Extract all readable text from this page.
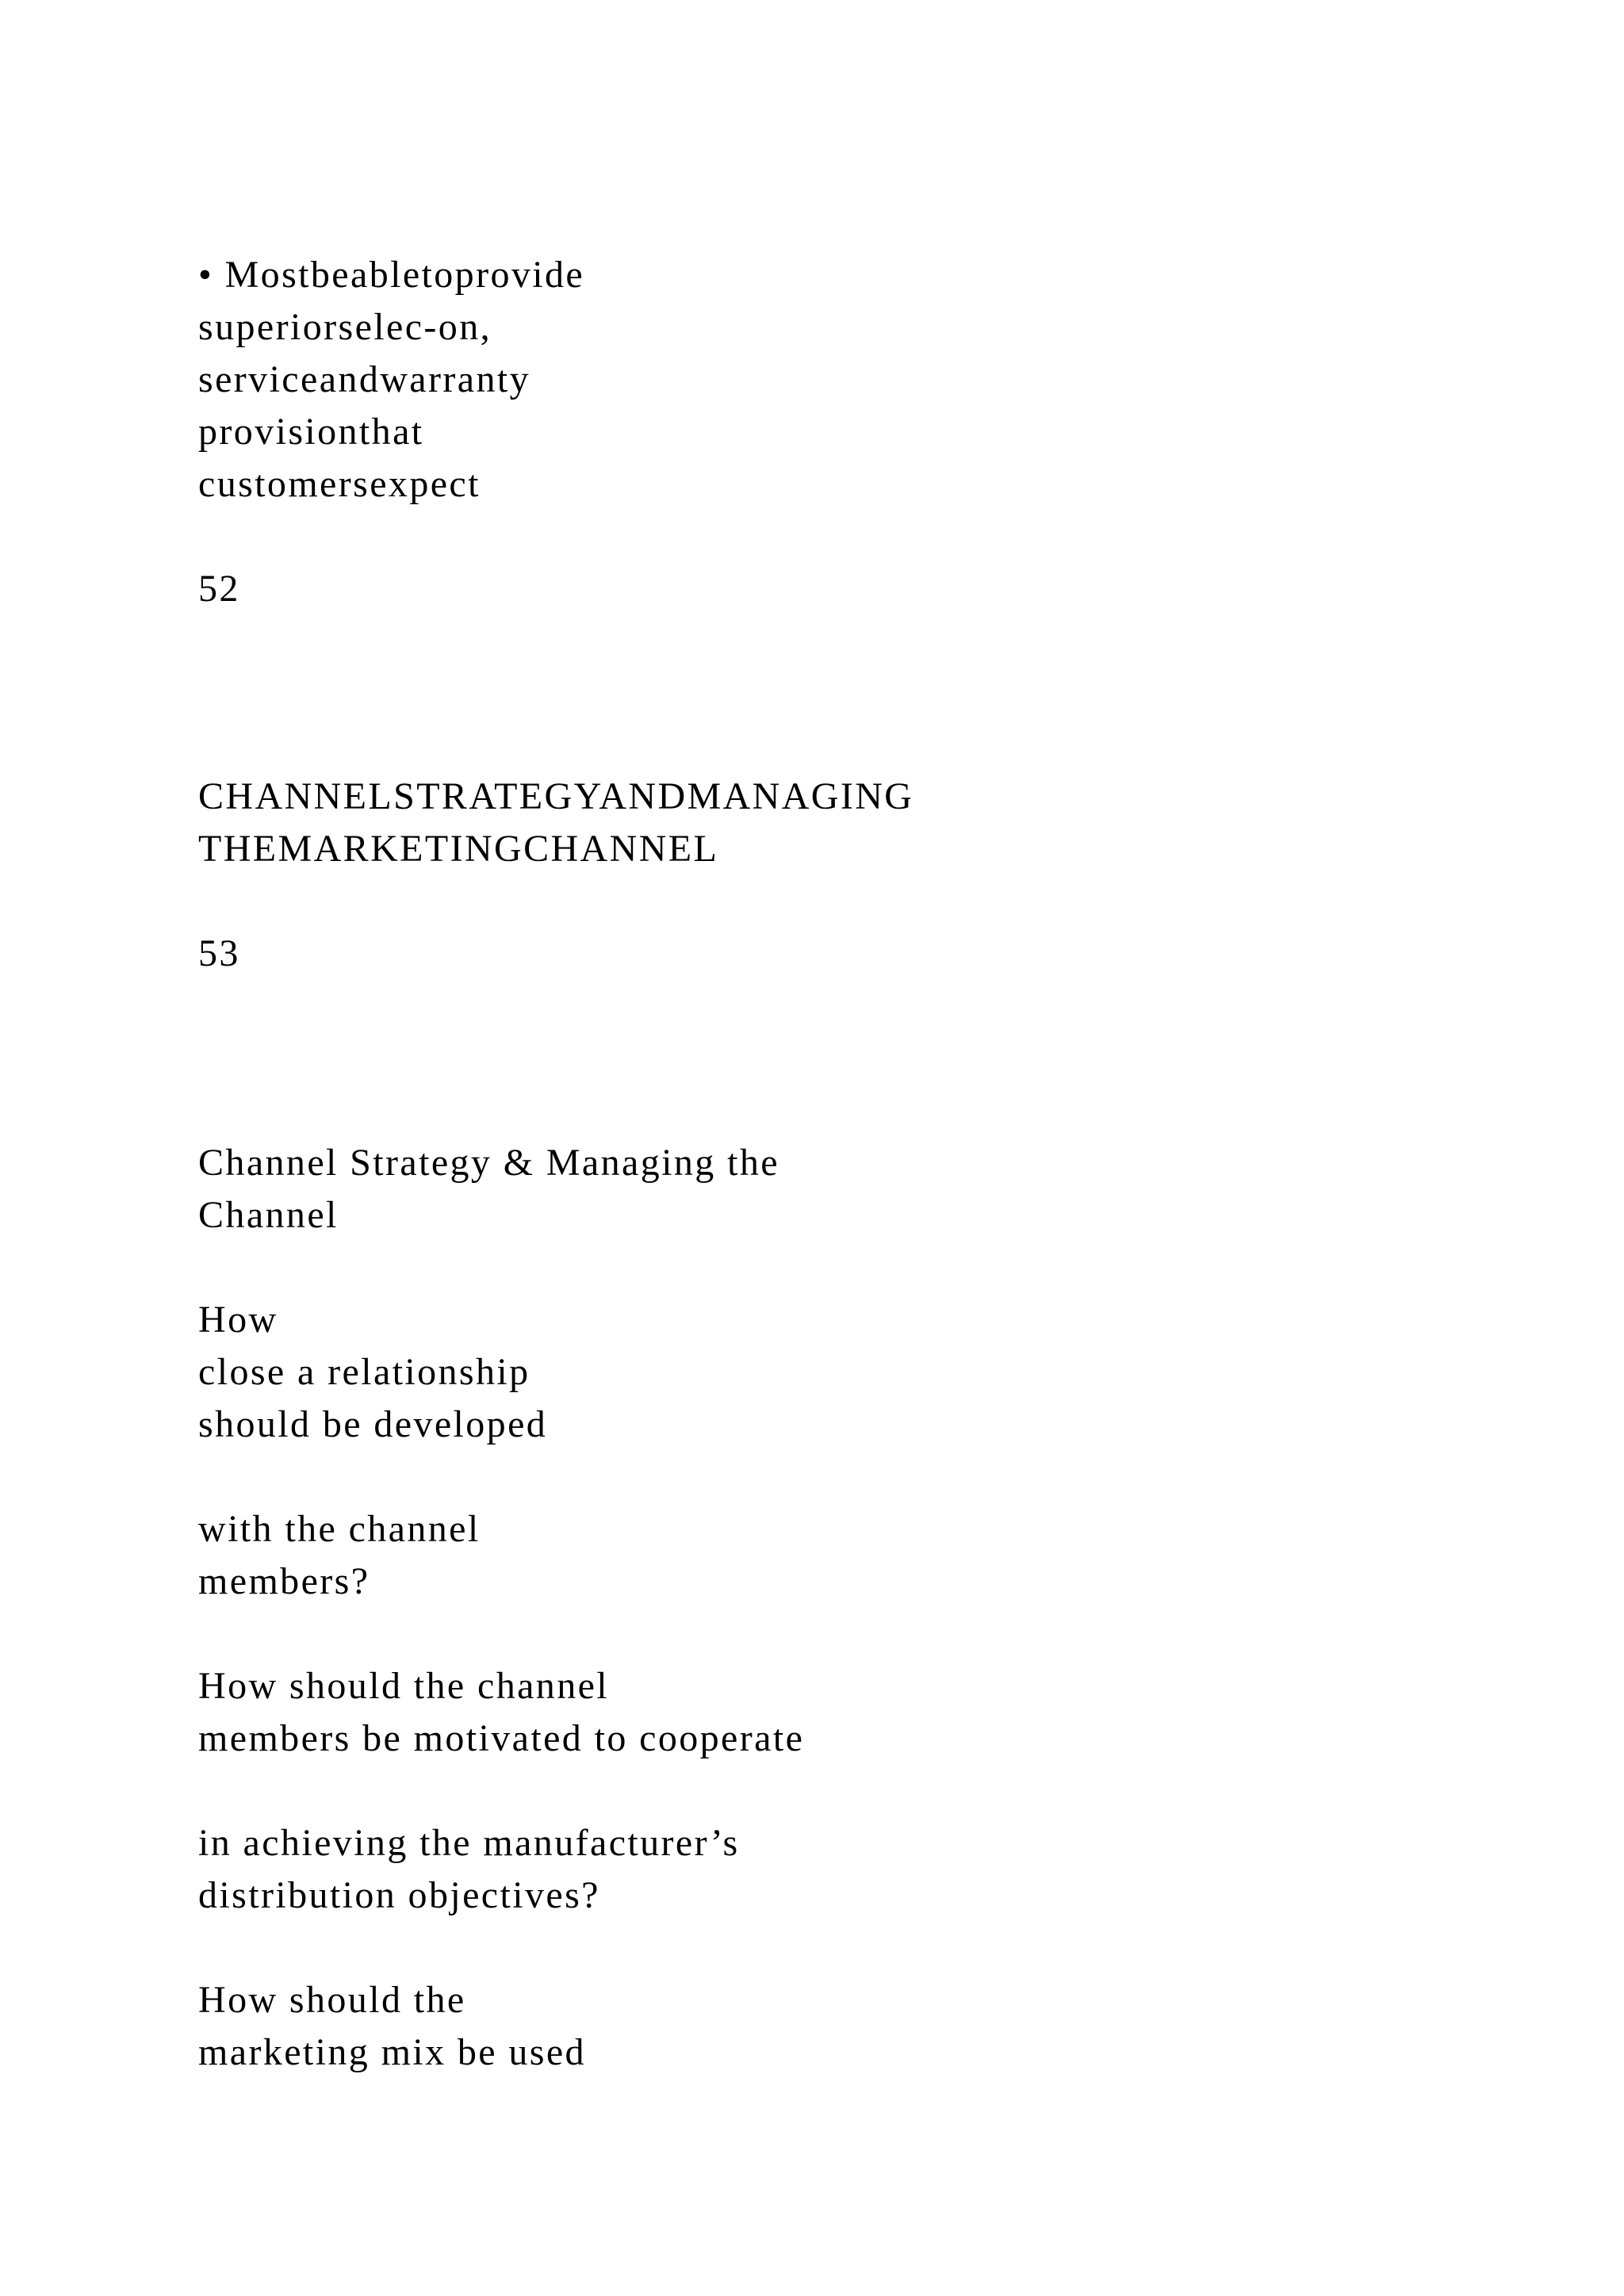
• Mostbeabletoprovide

superiorselec-on,

serviceandwarranty

provisionthat

customersexpect

52

CHANNELSTRATEGYANDMANAGING

THEMARKETINGCHANNEL

53

Channel Strategy & Managing the

Channel

How

close a relationship

should be developed

with the channel

members?

How should the channel

members be motivated to cooperate

in achieving the manufacturer’s

distribution objectives?

How should the

marketing mix be used
